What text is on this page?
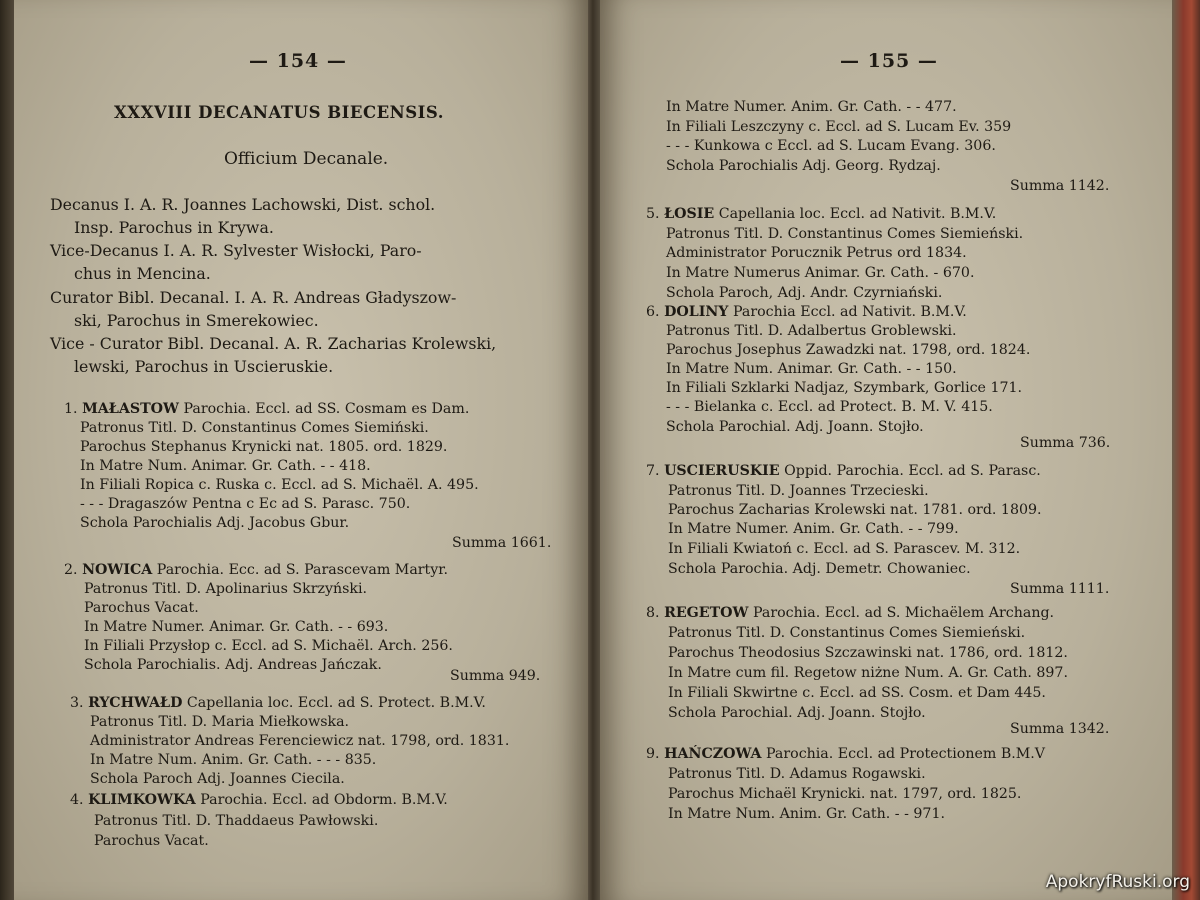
— 154 —
XXXVIII DECANATUS BIECENSIS.
Officium Decanale.
Decanus I. A. R. Joannes Lachowski, Dist. schol.
Insp. Parochus in Krywa.
Vice-Decanus I. A. R. Sylvester Wisłocki, Paro-
chus in Mencina.
Curator Bibl. Decanal. I. A. R. Andreas Gładyszow-
ski, Parochus in Smerekowiec.
Vice - Curator Bibl. Decanal. A. R. Zacharias Krolewski,
lewski, Parochus in Uscieruskie.
1. MAŁASTOW Parochia. Eccl. ad SS. Cosmam es Dam.
Patronus Titl. D. Constantinus Comes Siemiński.
Parochus Stephanus Krynicki nat. 1805. ord. 1829.
In Matre Num. Animar. Gr. Cath. - - 418.
In Filiali Ropica c. Ruska c. Eccl. ad S. Michaël. A. 495.
- - - Dragaszów Pentna c Ec ad S. Parasc. 750.
Schola Parochialis Adj. Jacobus Gbur.
Summa 1661.
2. NOWICA Parochia. Ecc. ad S. Parascevam Martyr.
Patronus Titl. D. Apolinarius Skrzyński.
Parochus Vacat.
In Matre Numer. Animar. Gr. Cath. - - 693.
In Filiali Przysłop c. Eccl. ad S. Michaël. Arch. 256.
Schola Parochialis. Adj. Andreas Jańczak.
Summa 949.
3. RYCHWAŁD Capellania loc. Eccl. ad S. Protect. B.M.V.
Patronus Titl. D. Maria Miełkowska.
Administrator Andreas Ferenciewicz nat. 1798, ord. 1831.
In Matre Num. Anim. Gr. Cath. - - - 835.
Schola Paroch Adj. Joannes Ciecila.
4. KLIMKOWKA Parochia. Eccl. ad Obdorm. B.M.V.
Patronus Titl. D. Thaddaeus Pawłowski.
Parochus Vacat.
— 155 —
In Matre Numer. Anim. Gr. Cath. - - 477.
In Filiali Leszczyny c. Eccl. ad S. Lucam Ev. 359
- - - Kunkowa c Eccl. ad S. Lucam Evang. 306.
Schola Parochialis Adj. Georg. Rydzaj.
Summa 1142.
5. ŁOSIE Capellania loc. Eccl. ad Nativit. B.M.V.
Patronus Titl. D. Constantinus Comes Siemieński.
Administrator Porucznik Petrus ord 1834.
In Matre Numerus Animar. Gr. Cath. - 670.
Schola Paroch, Adj. Andr. Czyrniański.
6. DOLINY Parochia Eccl. ad Nativit. B.M.V.
Patronus Titl. D. Adalbertus Groblewski.
Parochus Josephus Zawadzki nat. 1798, ord. 1824.
In Matre Num. Animar. Gr. Cath. - - 150.
In Filiali Szklarki Nadjaz, Szymbark, Gorlice 171.
- - - Bielanka c. Eccl. ad Protect. B. M. V. 415.
Schola Parochial. Adj. Joann. Stojło.
Summa 736.
7. USCIERUSKIE Oppid. Parochia. Eccl. ad S. Parasc.
Patronus Titl. D. Joannes Trzecieski.
Parochus Zacharias Krolewski nat. 1781. ord. 1809.
In Matre Numer. Anim. Gr. Cath. - - 799.
In Filiali Kwiatoń c. Eccl. ad S. Parascev. M. 312.
Schola Parochia. Adj. Demetr. Chowaniec.
Summa 1111.
8. REGETOW Parochia. Eccl. ad S. Michaëlem Archang.
Patronus Titl. D. Constantinus Comes Siemieński.
Parochus Theodosius Szczawinski nat. 1786, ord. 1812.
In Matre cum fil. Regetow niżne Num. A. Gr. Cath. 897.
In Filiali Skwirtne c. Eccl. ad SS. Cosm. et Dam 445.
Schola Parochial. Adj. Joann. Stojło.
Summa 1342.
9. HAŃCZOWA Parochia. Eccl. ad Protectionem B.M.V
Patronus Titl. D. Adamus Rogawski.
Parochus Michaël Krynicki. nat. 1797, ord. 1825.
In Matre Num. Anim. Gr. Cath. - - 971.
ApokryfRuski.org
